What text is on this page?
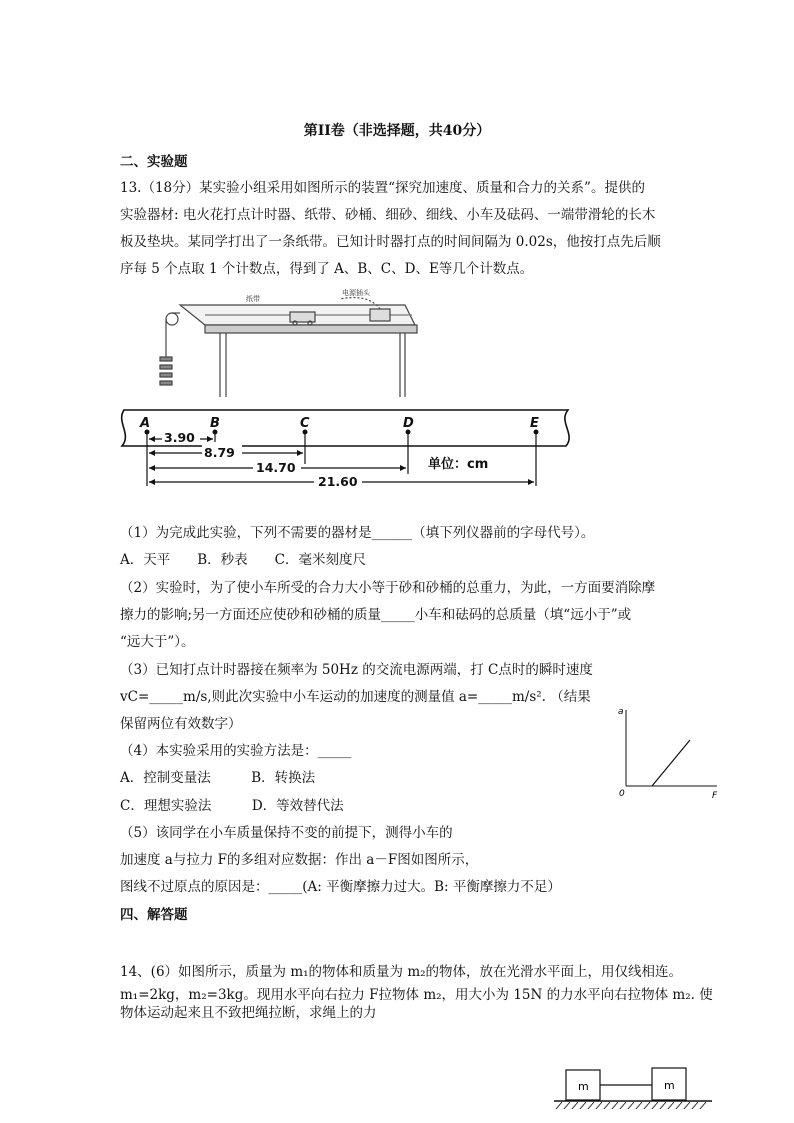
第II卷（非选择题，共40分）
二、实验题
13.（18分）某实验小组采用如图所示的装置“探究加速度、质量和合力的关系”。提供的
实验器材: 电火花打点计时器、纸带、砂桶、细砂、细线、小车及砝码、一端带滑轮的长木
板及垫块。某同学打出了一条纸带。已知计时器打点的时间间隔为 0.02s，他按打点先后顺
序每 5 个点取 1 个计数点，得到了 A、B、C、D、E等几个计数点。
纸带
电源插头
A	B	C	D	E
3.90
8.79
14.70
21.60
单位：cm
（1）为完成此实验，下列不需要的器材是______（填下列仪器前的字母代号）。
A．天平　　B．秒表　　C．毫米刻度尺
（2）实验时，为了使小车所受的合力大小等于砂和砂桶的总重力，为此，一方面要消除摩
擦力的影响;另一方面还应使砂和砂桶的质量_____小车和砝码的总质量（填“远小于”或
“远大于”）。
（3）已知打点计时器接在频率为 50Hz 的交流电源两端，打 C点时的瞬时速度
vC=_____m/s,则此次实验中小车运动的加速度的测量值 a=_____m/s². （结果
保留两位有效数字）
（4）本实验采用的实验方法是：_____
A．控制变量法　　　B．转换法
C．理想实验法　　　D．等效替代法
（5）该同学在小车质量保持不变的前提下，测得小车的
加速度 a与拉力 F的多组对应数据：作出 a－F图如图所示，
图线不过原点的原因是：_____(A: 平衡摩擦力过大。B: 平衡摩擦力不足）
a
F
0
四、解答题
14、(6）如图所示，质量为 m₁的物体和质量为 m₂的物体，放在光滑水平面上，用仅线相连。
m₁=2kg，m₂=3kg。现用水平向右拉力 F拉物体 m₂，用大小为 15N 的力水平向右拉物体 m₂. 使
物体运动起来且不致把绳拉断，求绳上的力
m	m
